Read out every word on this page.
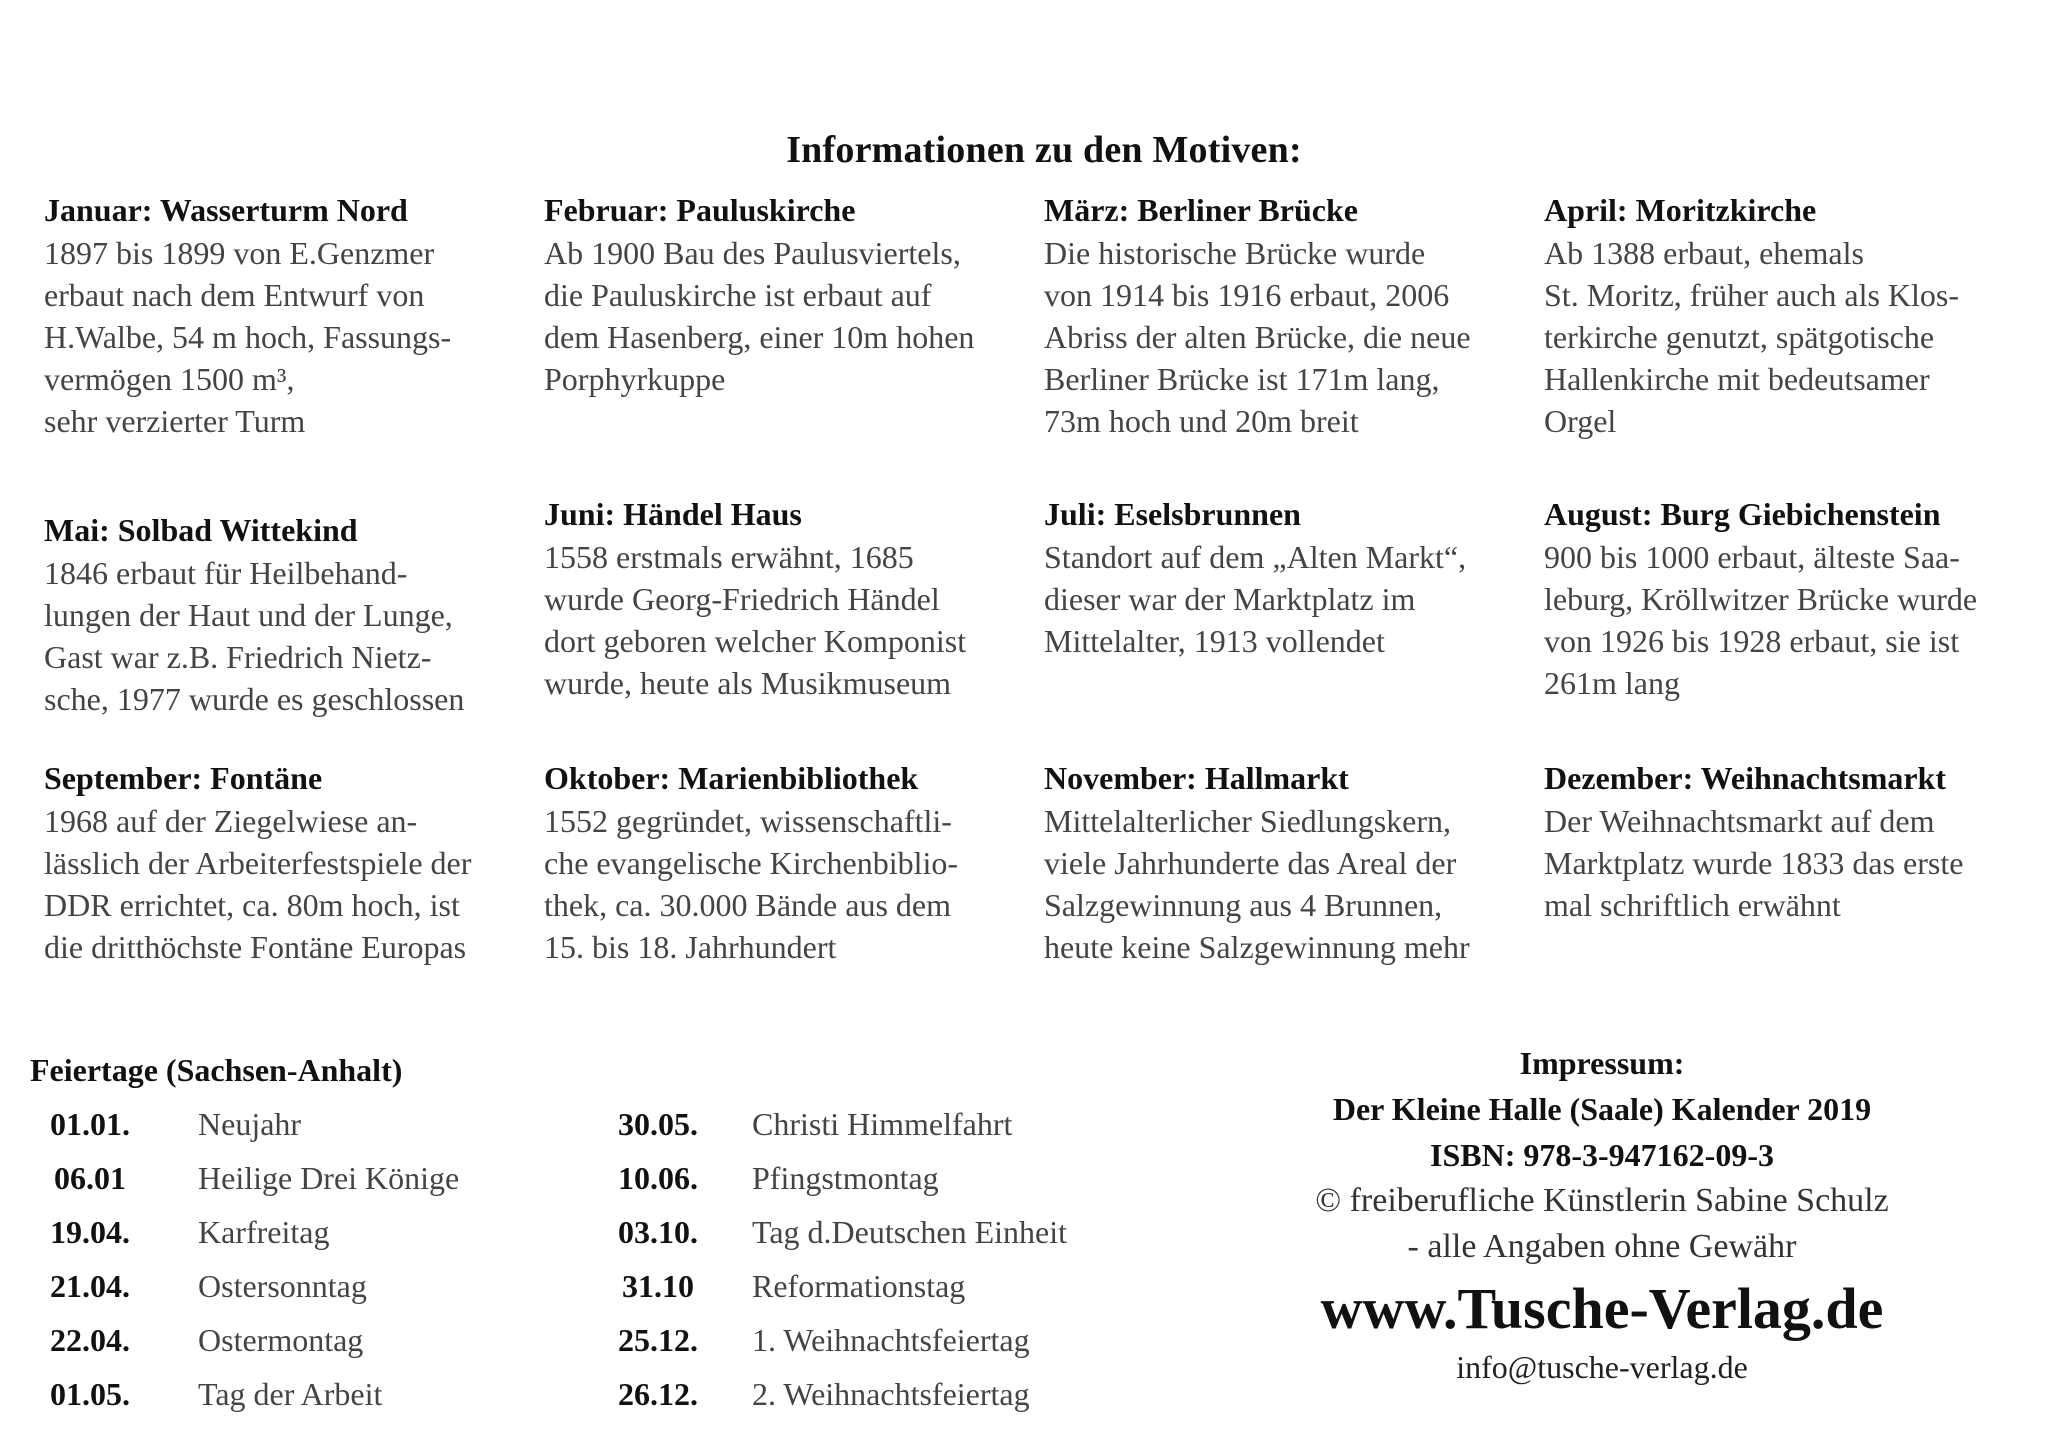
Informationen zu den Motiven:
Januar: Wasserturm Nord
1897 bis 1899 von E.Genzmer
erbaut nach dem Entwurf von
H.Walbe, 54 m hoch, Fassungs-
vermögen 1500 m³,
sehr verzierter Turm
Februar: Pauluskirche
Ab 1900 Bau des Paulusviertels,
die Pauluskirche ist erbaut auf
dem Hasenberg, einer 10m hohen
Porphyrkuppe
März: Berliner Brücke
Die historische Brücke wurde
von 1914 bis 1916 erbaut, 2006
Abriss der alten Brücke, die neue
Berliner Brücke ist 171m lang,
73m hoch und 20m breit
April: Moritzkirche
Ab 1388 erbaut, ehemals
St. Moritz, früher auch als Klos-
terkirche genutzt, spätgotische
Hallenkirche mit bedeutsamer
Orgel
Mai: Solbad Wittekind
1846 erbaut für Heilbehand-
lungen der Haut und der Lunge,
Gast war z.B. Friedrich Nietz-
sche, 1977 wurde es geschlossen
Juni: Händel Haus
1558 erstmals erwähnt, 1685
wurde Georg-Friedrich Händel
dort geboren welcher Komponist
wurde, heute als Musikmuseum
Juli: Eselsbrunnen
Standort auf dem „Alten Markt“,
dieser war der Marktplatz im
Mittelalter, 1913 vollendet
August: Burg Giebichenstein
900 bis 1000 erbaut, älteste Saa-
leburg, Kröllwitzer Brücke wurde
von 1926 bis 1928 erbaut, sie ist
261m lang
September: Fontäne
1968 auf der Ziegelwiese an-
lässlich der Arbeiterfestspiele der
DDR errichtet, ca. 80m hoch, ist
die dritthöchste Fontäne Europas
Oktober: Marienbibliothek
1552 gegründet, wissenschaftli-
che evangelische Kirchenbiblio-
thek, ca. 30.000 Bände aus dem
15. bis 18. Jahrhundert
November: Hallmarkt
Mittelalterlicher Siedlungskern,
viele Jahrhunderte das Areal der
Salzgewinnung aus 4 Brunnen,
heute keine Salzgewinnung mehr
Dezember: Weihnachtsmarkt
Der Weihnachtsmarkt auf dem
Marktplatz wurde 1833 das erste
mal schriftlich erwähnt
Feiertage (Sachsen-Anhalt)
01.01.	Neujahr
06.01	Heilige Drei Könige
19.04.	Karfreitag
21.04.	Ostersonntag
22.04.	Ostermontag
01.05.	Tag der Arbeit
30.05.	Christi Himmelfahrt
10.06.	Pfingstmontag
03.10.	Tag d.Deutschen Einheit
31.10	Reformationstag
25.12.	1. Weihnachtsfeiertag
26.12.	2. Weihnachtsfeiertag
Impressum:
Der Kleine Halle (Saale) Kalender 2019
ISBN: 978-3-947162-09-3
© freiberufliche Künstlerin Sabine Schulz
- alle Angaben ohne Gewähr
www.Tusche-Verlag.de
info@tusche-verlag.de
